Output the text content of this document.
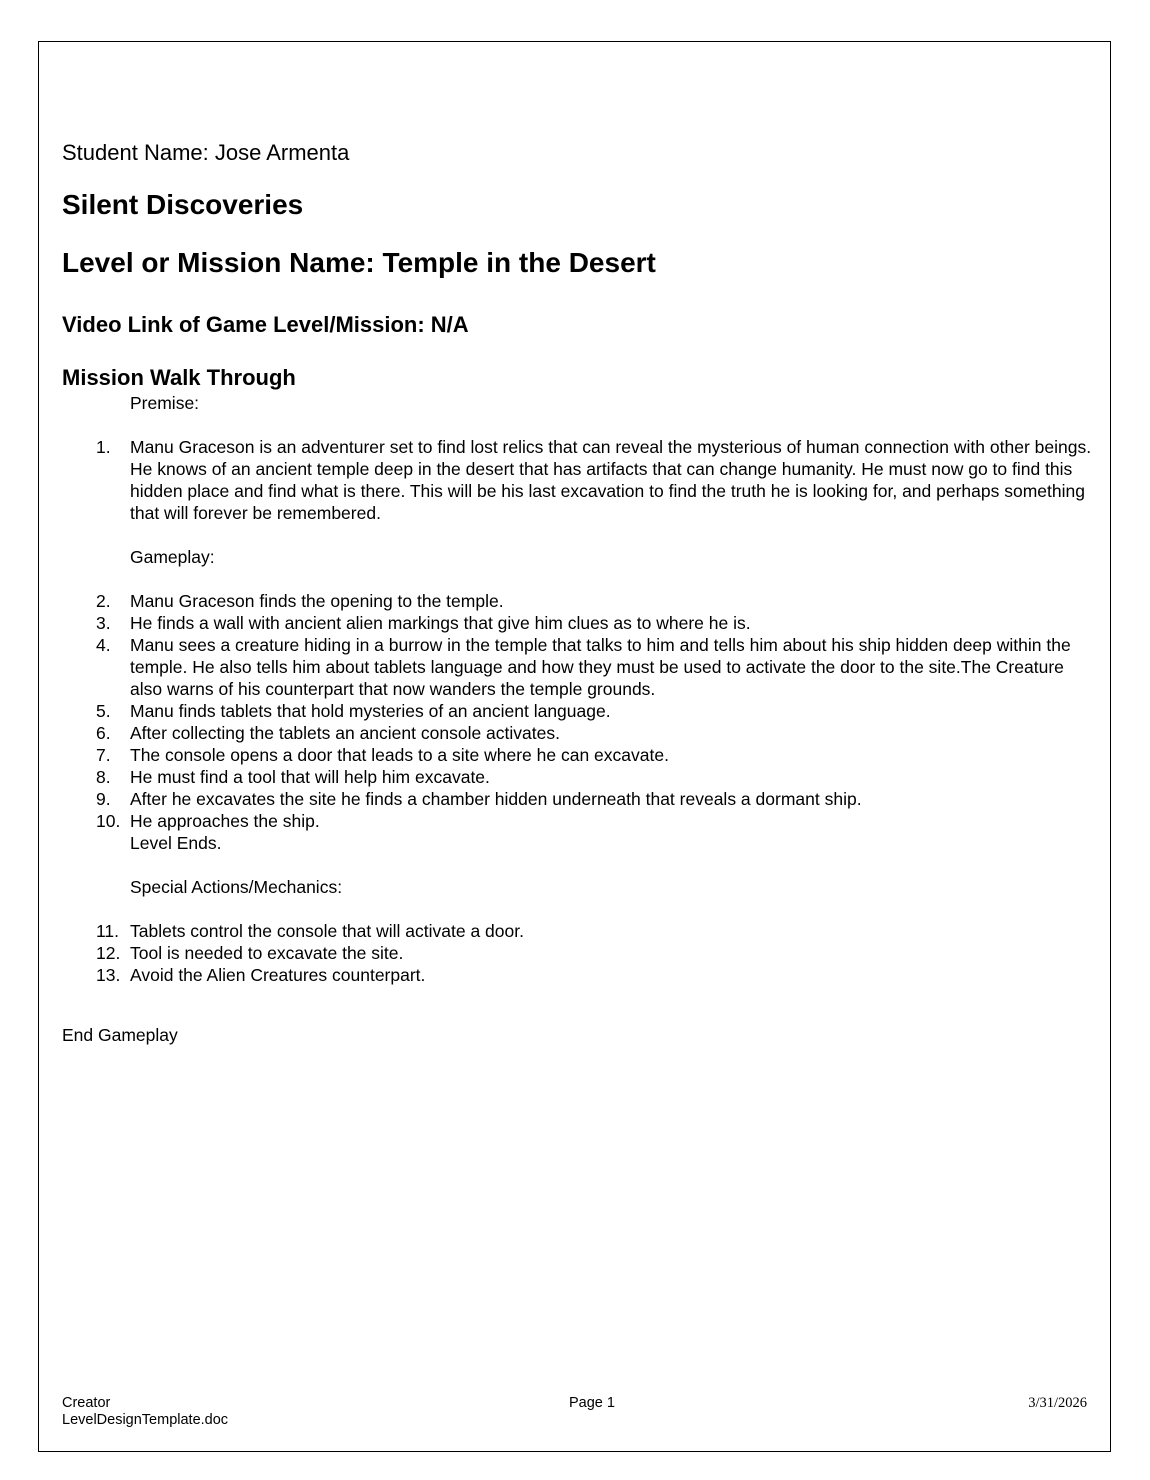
Student Name: Jose Armenta
Silent Discoveries
Level or Mission Name: Temple in the Desert
Video Link of Game Level/Mission: N/A
Mission Walk Through
Premise:
1.	Manu Graceson is an adventurer set to find lost relics that can reveal the mysterious of human connection with other beings. He knows of an ancient temple deep in the desert that has artifacts that can change humanity. He must now go to find this hidden place and find what is there. This will be his last excavation to find the truth he is looking for, and perhaps something that will forever be remembered.
Gameplay:
2.	Manu Graceson finds the opening to the temple.
3.	He finds a wall with ancient alien markings that give him clues as to where he is.
4.	Manu sees a creature hiding in a burrow in the temple that talks to him and tells him about his ship hidden deep within the temple. He also tells him about tablets language and how they must be used to activate the door to the site.The Creature also warns of his counterpart that now wanders the temple grounds.
5.	Manu finds tablets that hold mysteries of an ancient language.
6.	After collecting the tablets an ancient console activates.
7.	The console opens a door that leads to a site where he can excavate.
8.	He must find a tool that will help him excavate.
9.	After he excavates the site he finds a chamber hidden underneath that reveals a dormant ship.
10. He approaches the ship.
Level Ends.
Special Actions/Mechanics:
11. Tablets control the console that will activate a door.
12. Tool is needed to excavate the site.
13. Avoid the Alien Creatures counterpart.
End Gameplay
Creator
LevelDesignTemplate.doc
Page 1	3/31/2026
